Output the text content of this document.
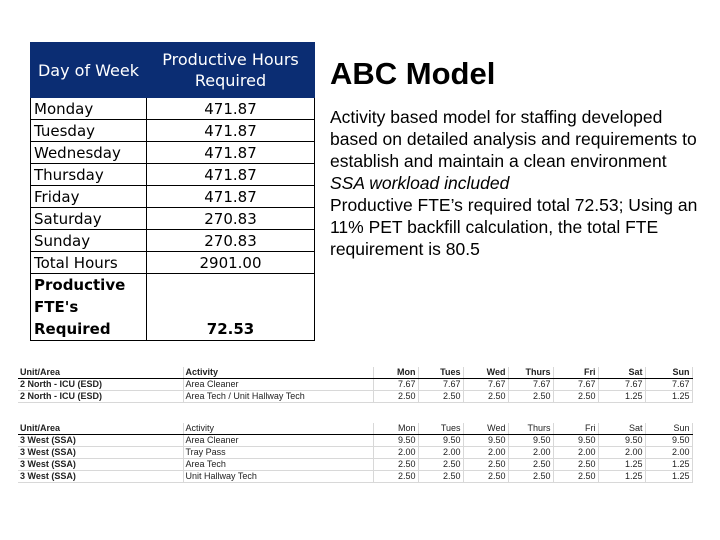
Day of Week	Productive Hours Required
Monday	471.87
Tuesday	471.87
Wednesday	471.87
Thursday	471.87
Friday	471.87
Saturday	270.83
Sunday	270.83
Total Hours	2901.00
Productive FTE's Required	72.53
ABC Model

Activity based model for staffing developed based on detailed analysis and requirements to establish and maintain a clean environment

SSA workload included

Productive FTE’s required total 72.53; Using an 11% PET backfill calculation, the total FTE requirement is 80.5

Unit/Area	Activity	Mon	Tues	Wed	Thurs	Fri	Sat	Sun
2 North - ICU (ESD)	Area Cleaner	7.67	7.67	7.67	7.67	7.67	7.67	7.67
2 North - ICU (ESD)	Area Tech / Unit Hallway Tech	2.50	2.50	2.50	2.50	2.50	1.25	1.25
Unit/Area	Activity	Mon	Tues	Wed	Thurs	Fri	Sat	Sun
3 West (SSA)	Area Cleaner	9.50	9.50	9.50	9.50	9.50	9.50	9.50
3 West (SSA)	Tray Pass	2.00	2.00	2.00	2.00	2.00	2.00	2.00
3 West (SSA)	Area Tech	2.50	2.50	2.50	2.50	2.50	1.25	1.25
3 West (SSA)	Unit Hallway Tech	2.50	2.50	2.50	2.50	2.50	1.25	1.25
